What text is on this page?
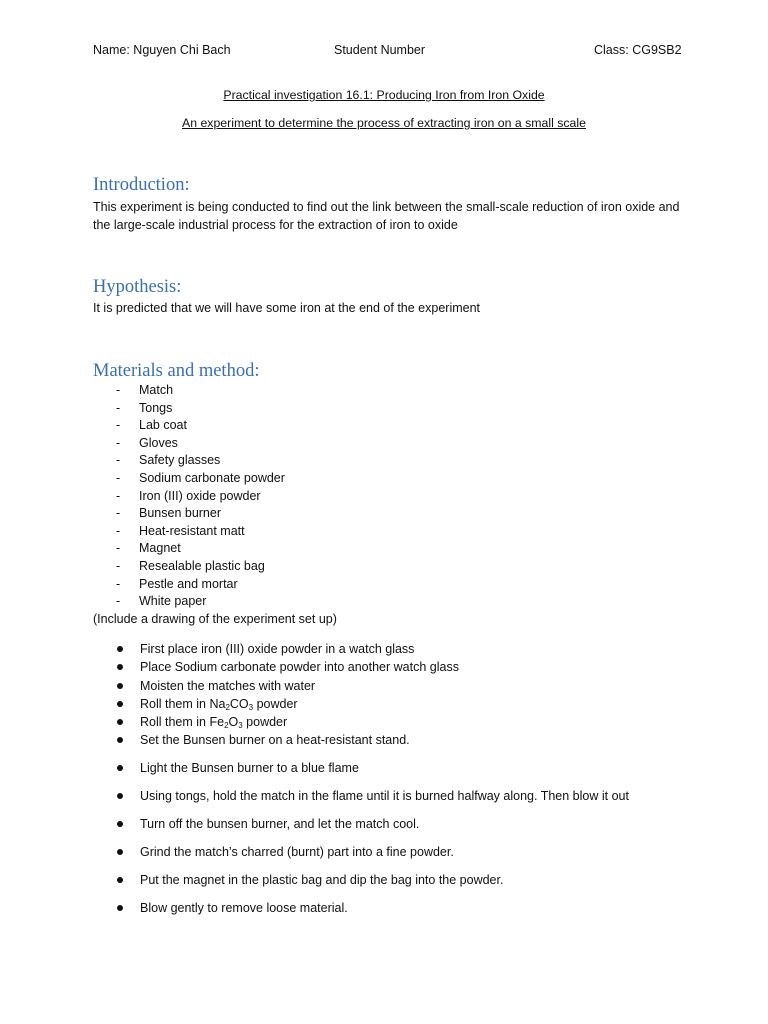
Name: Nguyen Chi Bach	Student Number	Class: CG9SB2
Practical investigation 16.1: Producing Iron from Iron Oxide
An experiment to determine the process of extracting iron on a small scale
Introduction:
This experiment is being conducted to find out the link between the small-scale reduction of iron oxide and the large-scale industrial process for the extraction of iron to oxide
Hypothesis:
It is predicted that we will have some iron at the end of the experiment
Materials and method:
- Match
- Tongs
- Lab coat
- Gloves
- Safety glasses
- Sodium carbonate powder
- Iron (III) oxide powder
- Bunsen burner
- Heat-resistant matt
- Magnet
- Resealable plastic bag
- Pestle and mortar
- White paper
(Include a drawing of the experiment set up)
First place iron (III) oxide powder in a watch glass
Place Sodium carbonate powder into another watch glass
Moisten the matches with water
Roll them in $Na_2CO_3$ powder
Roll them in $Fe_2O_3$ powder
Set the Bunsen burner on a heat-resistant stand.
Light the Bunsen burner to a blue flame
Using tongs, hold the match in the flame until it is burned halfway along. Then blow it out
Turn off the bunsen burner, and let the match cool.
Grind the match’s charred (burnt) part into a fine powder.
Put the magnet in the plastic bag and dip the bag into the powder.
Blow gently to remove loose material.
